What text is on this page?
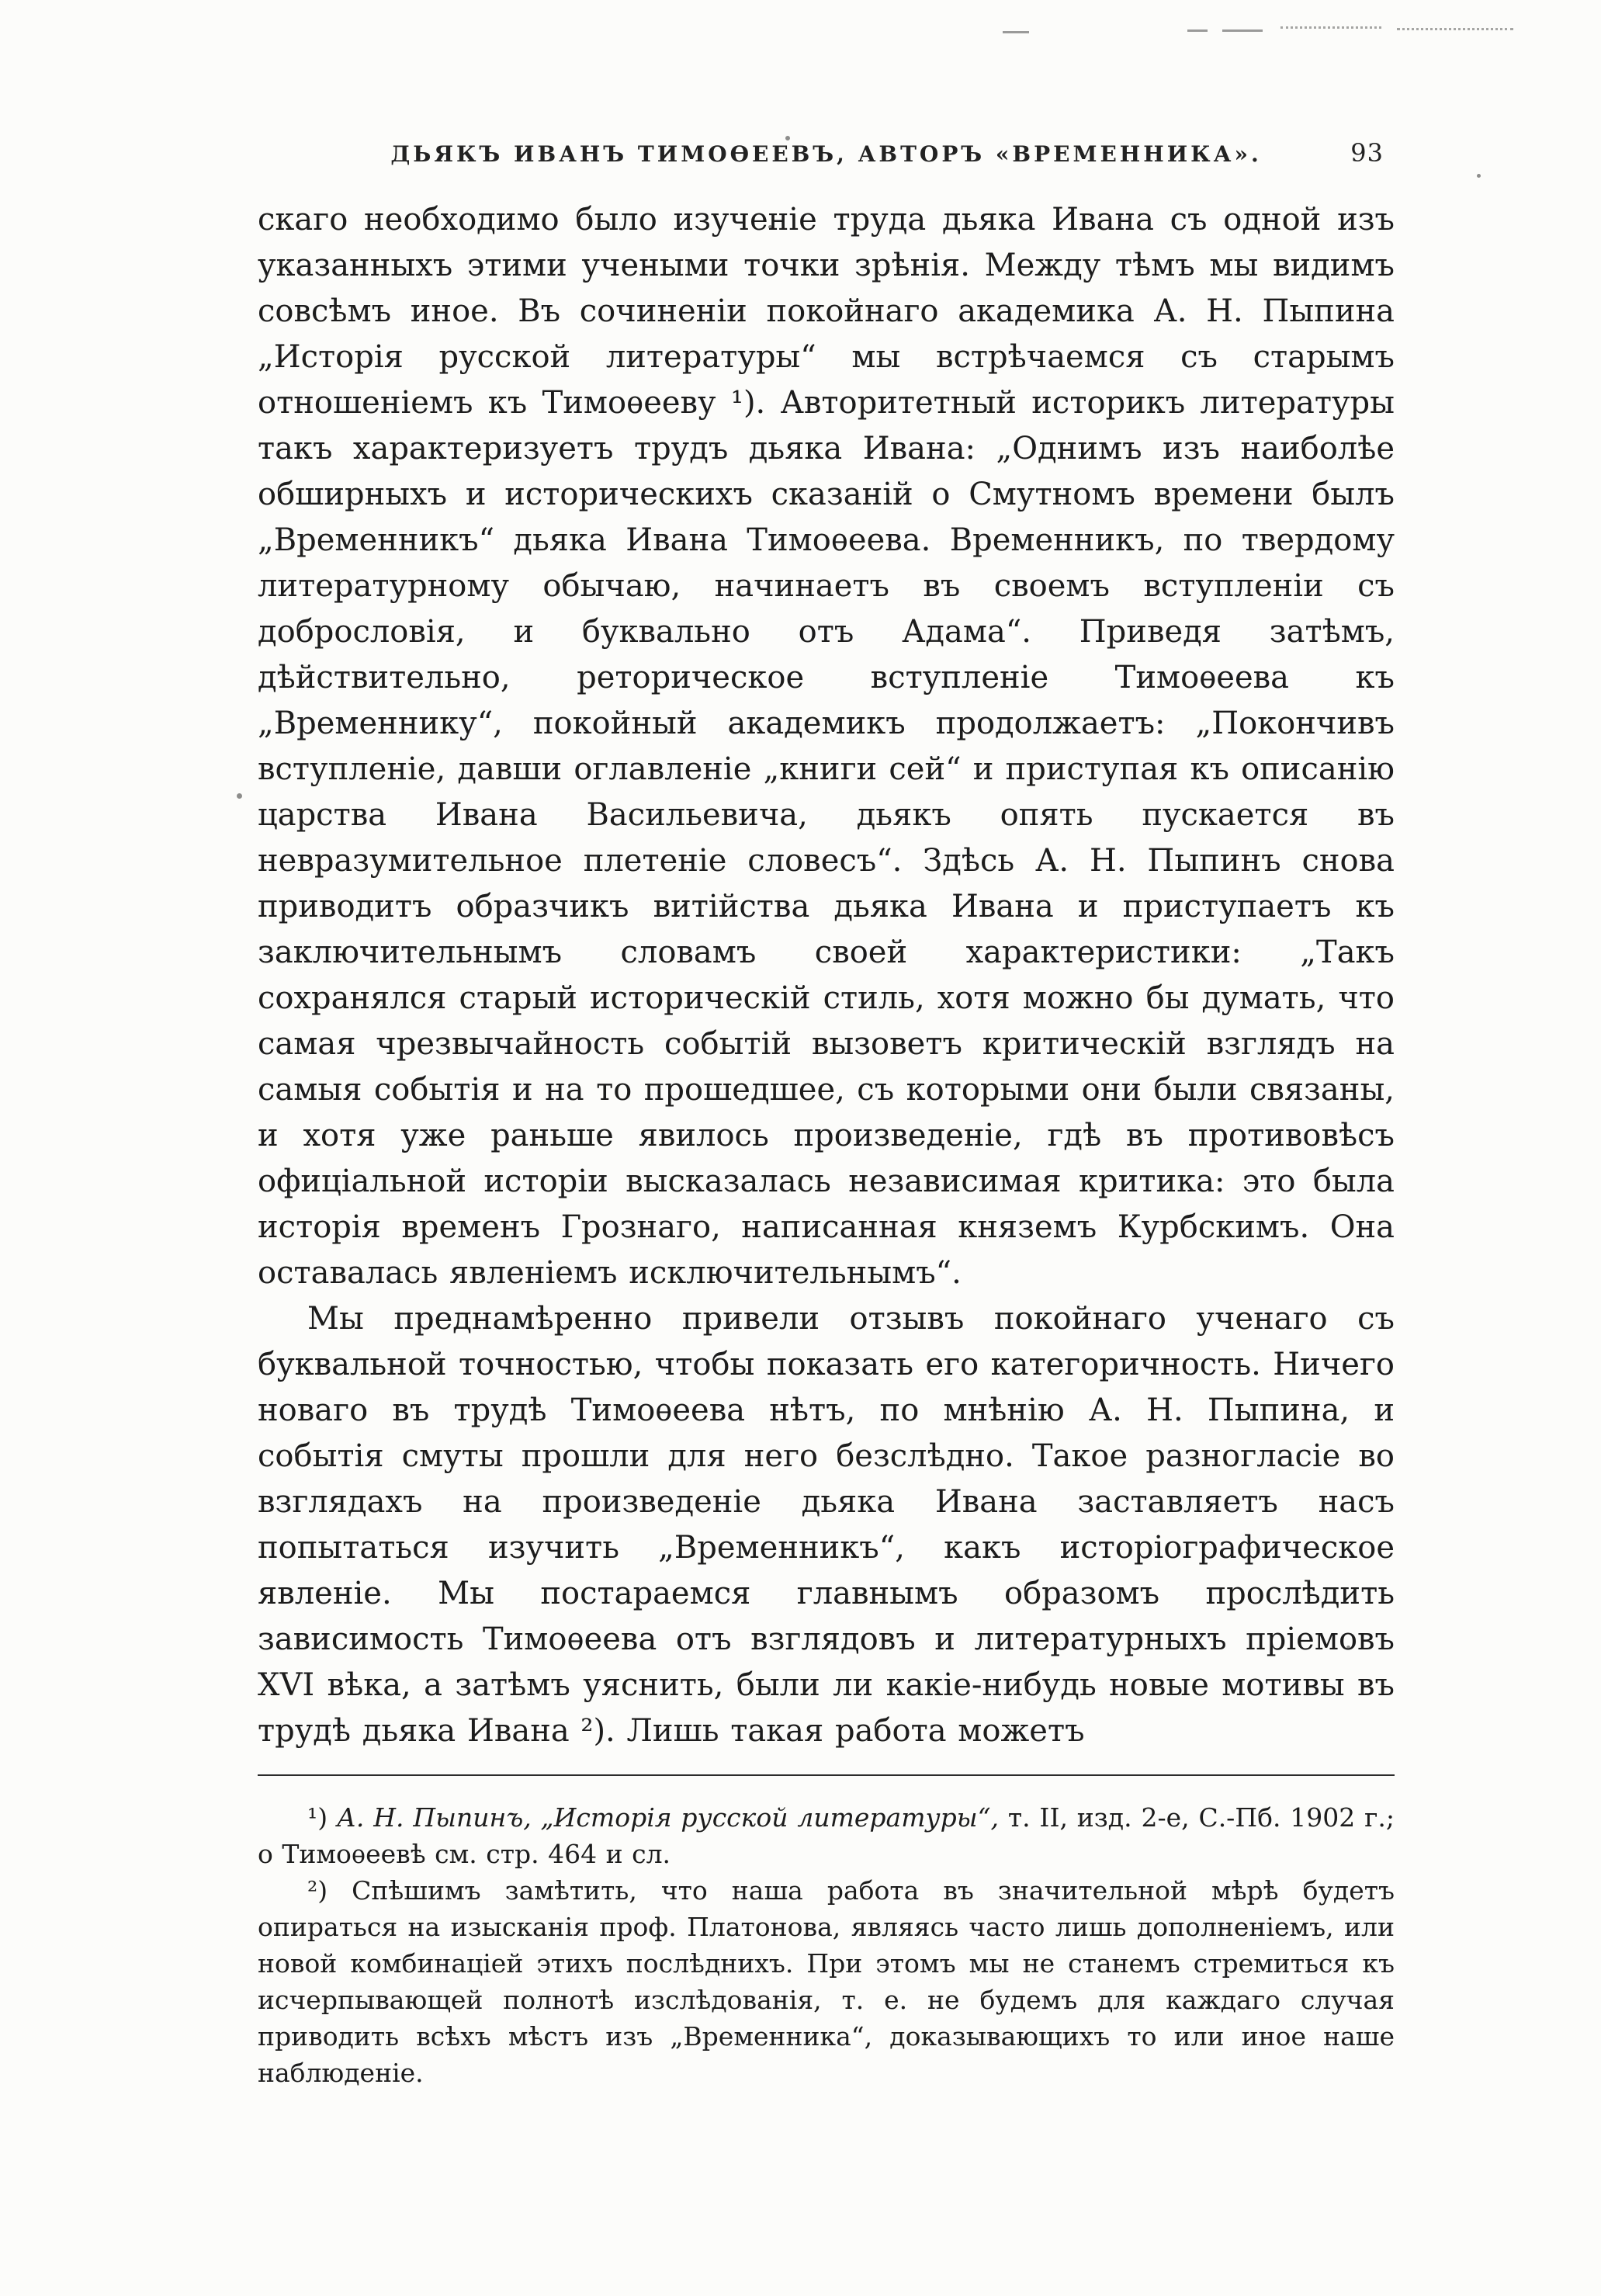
ДЬЯКЪ ИВАНЪ ТИМОѲЕЕВЪ, АВТОРЪ «ВРЕМЕННИКА».	93

скаго необходимо было изученіе труда дьяка Ивана съ одной изъ указанныхъ этими учеными точки зрѣнія. Между тѣмъ мы видимъ совсѣмъ иное. Въ сочиненіи покойнаго академика А. Н. Пыпина „Исторія русской литературы“ мы встрѣчаемся съ старымъ отношеніемъ къ Тимоѳееву ¹). Авторитетный историкъ литературы такъ характеризуетъ трудъ дьяка Ивана: „Однимъ изъ наиболѣе обширныхъ и историческихъ сказаній о Смутномъ времени былъ „Временникъ“ дьяка Ивана Тимоѳеева. Временникъ, по твердому литературному обычаю, начинаетъ въ своемъ вступленіи съ добрословія, и буквально отъ Адама“. Приведя затѣмъ, дѣйствительно, реторическое вступленіе Тимоѳеева къ „Временнику“, покойный академикъ продолжаетъ: „Покончивъ вступленіе, давши оглавленіе „книги сей“ и приступая къ описанію царства Ивана Васильевича, дьякъ опять пускается въ невразумительное плетеніе словесъ“. Здѣсь А. Н. Пыпинъ снова приводитъ образчикъ витійства дьяка Ивана и приступаетъ къ заключительнымъ словамъ своей характеристики: „Такъ сохранялся старый историческій стиль, хотя можно бы думать, что самая чрезвычайность событій вызоветъ критическій взглядъ на самыя событія и на то прошедшее, съ которыми они были связаны, и хотя уже раньше явилось произведеніе, гдѣ въ противовѣсъ офиціальной исторіи высказалась независимая критика: это была исторія временъ Грознаго, написанная княземъ Курбскимъ. Она оставалась явленіемъ исключительнымъ“.

Мы преднамѣренно привели отзывъ покойнаго ученаго съ буквальной точностью, чтобы показать его категоричность. Ничего новаго въ трудѣ Тимоѳеева нѣтъ, по мнѣнію А. Н. Пыпина, и событія смуты прошли для него безслѣдно. Такое разногласіе во взглядахъ на произведеніе дьяка Ивана заставляетъ насъ попытаться изучить „Временникъ“, какъ исторіографическое явленіе. Мы постараемся главнымъ образомъ прослѣдить зависимость Тимоѳеева отъ взглядовъ и литературныхъ пріемовъ XVI вѣка, а затѣмъ уяснить, были ли какіе-нибудь новые мотивы въ трудѣ дьяка Ивана ²). Лишь такая работа можетъ

¹) А. Н. Пыпинъ, „Исторія русской литературы“, т. II, изд. 2-е, С.-Пб. 1902 г.; о Тимоѳеевѣ см. стр. 464 и сл.

²) Спѣшимъ замѣтить, что наша работа въ значительной мѣрѣ будетъ опираться на изысканія проф. Платонова, являясь часто лишь дополненіемъ, или новой комбинаціей этихъ послѣднихъ. При этомъ мы не станемъ стремиться къ исчерпывающей полнотѣ изслѣдованія, т. е. не будемъ для каждаго случая приводить всѣхъ мѣстъ изъ „Временника“, доказывающихъ то или иное наше наблюденіе.
